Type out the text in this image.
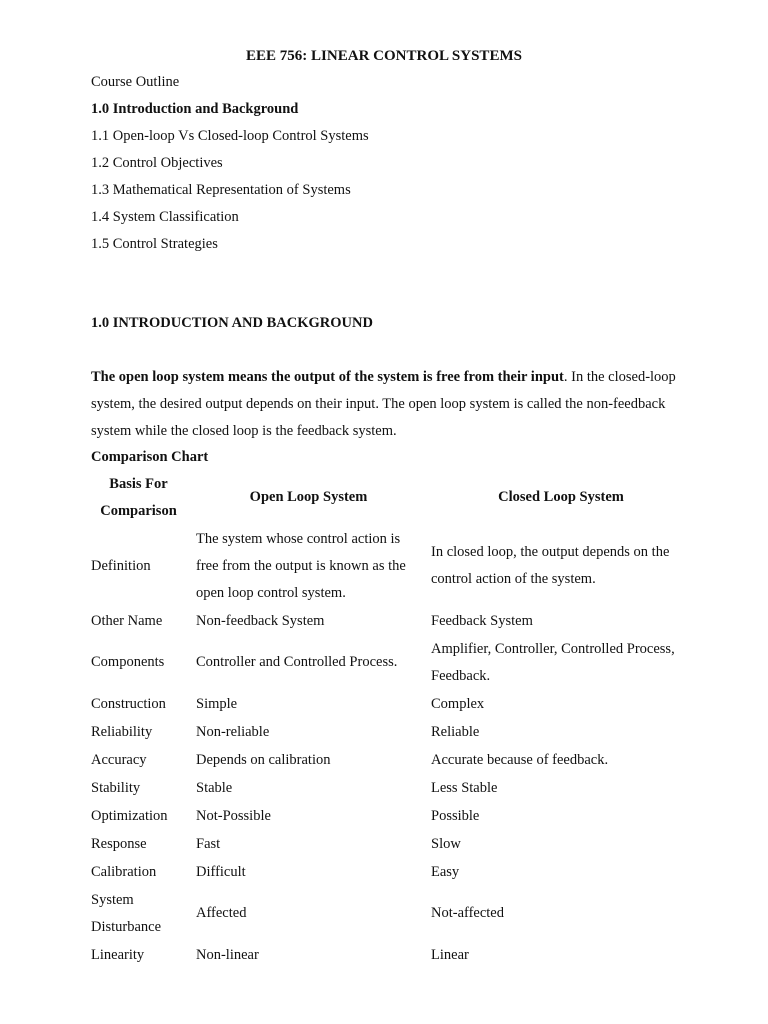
EEE 756: LINEAR CONTROL SYSTEMS
Course Outline
1.0 Introduction and Background
1.1 Open-loop Vs Closed-loop Control Systems
1.2 Control Objectives
1.3 Mathematical Representation of Systems
1.4 System Classification
1.5 Control Strategies
1.0 INTRODUCTION AND BACKGROUND

The open loop system means the output of the system is free from their input. In the closed-loop system, the desired output depends on their input. The open loop system is called the non-feedback system while the closed loop is the feedback system.

Comparison Chart
Basis For Comparison	Open Loop System	Closed Loop System
Definition	The system whose control action is free from the output is known as the open loop control system.	In closed loop, the output depends on the control action of the system.
Other Name	Non-feedback System	Feedback System
Components	Controller and Controlled Process.	Amplifier, Controller, Controlled Process, Feedback.
Construction	Simple	Complex
Reliability	Non-reliable	Reliable
Accuracy	Depends on calibration	Accurate because of feedback.
Stability	Stable	Less Stable
Optimization	Not-Possible	Possible
Response	Fast	Slow
Calibration	Difficult	Easy
System Disturbance	Affected	Not-affected
Linearity	Non-linear	Linear
